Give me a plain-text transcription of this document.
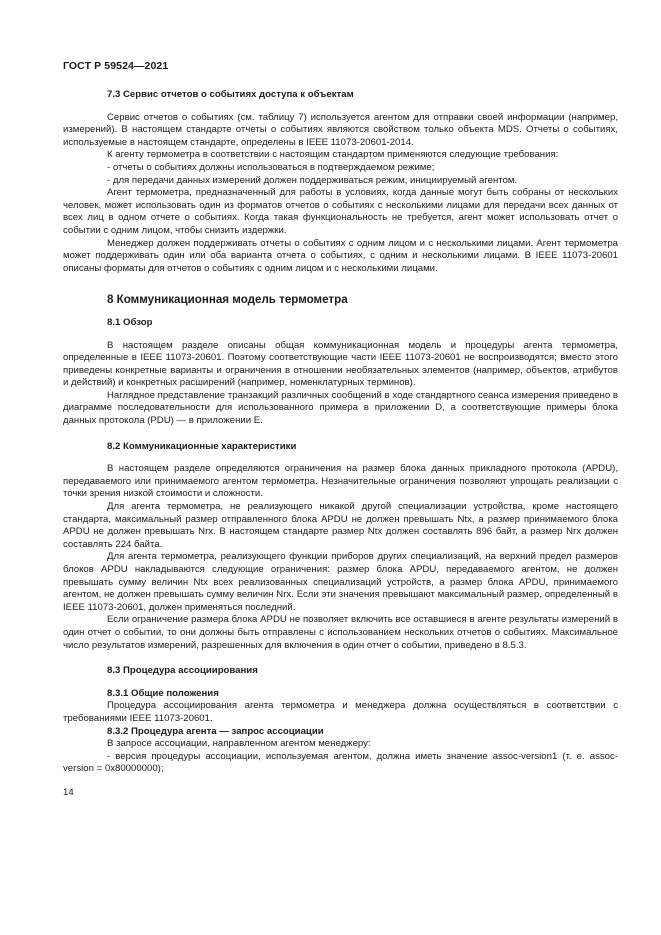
ГОСТ Р 59524—2021

7.3 Сервис отчетов о событиях доступа к объектам

Сервис отчетов о событиях (см. таблицу 7) используется агентом для отправки своей информации (например, измерений). В настоящем стандарте отчеты о событиях являются свойством только объекта MDS. Отчеты о событиях, используемые в настоящем стандарте, определены в IEEE 11073-20601-2014.

К агенту термометра в соответствии с настоящим стандартом применяются следующие требования:

- отчеты о событиях должны использоваться в подтверждаемом режиме;

- для передачи данных измерений должен поддерживаться режим, инициируемый агентом.

Агент термометра, предназначенный для работы в условиях, когда данные могут быть собраны от нескольких человек, может использовать один из форматов отчетов о событиях с несколькими лицами для передачи всех данных от всех лиц в одном отчете о событиях. Когда такая функциональность не требуется, агент может использовать отчет о событии с одним лицом, чтобы снизить издержки.

Менеджер должен поддерживать отчеты о событиях с одним лицом и с несколькими лицами. Агент термометра может поддерживать один или оба варианта отчета о событиях, с одним и несколькими лицами. В IEEE 11073-20601 описаны форматы для отчетов о событиях с одним лицом и с несколькими лицами.

8 Коммуникационная модель термометра

8.1 Обзор

В настоящем разделе описаны общая коммуникационная модель и процедуры агента термометра, определенные в IEEE 11073-20601. Поэтому соответствующие части IEEE 11073-20601 не воспроизводятся; вместо этого приведены конкретные варианты и ограничения в отношении необязательных элементов (например, объектов, атрибутов и действий) и конкретных расширений (например, номенклатурных терминов).

Наглядное представление транзакций различных сообщений в ходе стандартного сеанса измерения приведено в диаграмме последовательности для использованного примера в приложении D, а соответствующие примеры блока данных протокола (PDU) — в приложении E.

8.2 Коммуникационные характеристики

В настоящем разделе определяются ограничения на размер блока данных прикладного протокола (APDU), передаваемого или принимаемого агентом термометра. Незначительные ограничения позволяют упрощать реализации с точки зрения низкой стоимости и сложности.

Для агента термометра, не реализующего никакой другой специализации устройства, кроме настоящего стандарта, максимальный размер отправленного блока APDU не должен превышать Ntx, а размер принимаемого блока APDU не должен превышать Nrx. В настоящем стандарте размер Ntx должен составлять 896 байт, а размер Nrx должен составлять 224 байта.

Для агента термометра, реализующего функции приборов других специализаций, на верхний предел размеров блоков APDU накладываются следующие ограничения: размер блока APDU, передаваемого агентом, не должен превышать сумму величин Ntx всех реализованных специализаций устройств, а размер блока APDU, принимаемого агентом, не должен превышать сумму величин Nrx. Если эти значения превышают максимальный размер, определенный в IEEE 11073-20601, должен применяться последний.

Если ограничение размера блока APDU не позволяет включить все оставшиеся в агенте результаты измерений в один отчет о событии, то они должны быть отправлены с использованием нескольких отчетов о событиях. Максимальное число результатов измерений, разрешенных для включения в один отчет о событии, приведено в 8.5.3.

8.3 Процедура ассоциирования

8.3.1 Общие положения

Процедура ассоциирования агента термометра и менеджера должна осуществляться в соответствии с требованиями IEEE 11073-20601.

8.3.2 Процедура агента — запрос ассоциации

В запросе ассоциации, направленном агентом менеджеру:

- версия процедуры ассоциации, используемая агентом, должна иметь значение assoc-version1 (т. е. assoc-version = 0x80000000);

14
